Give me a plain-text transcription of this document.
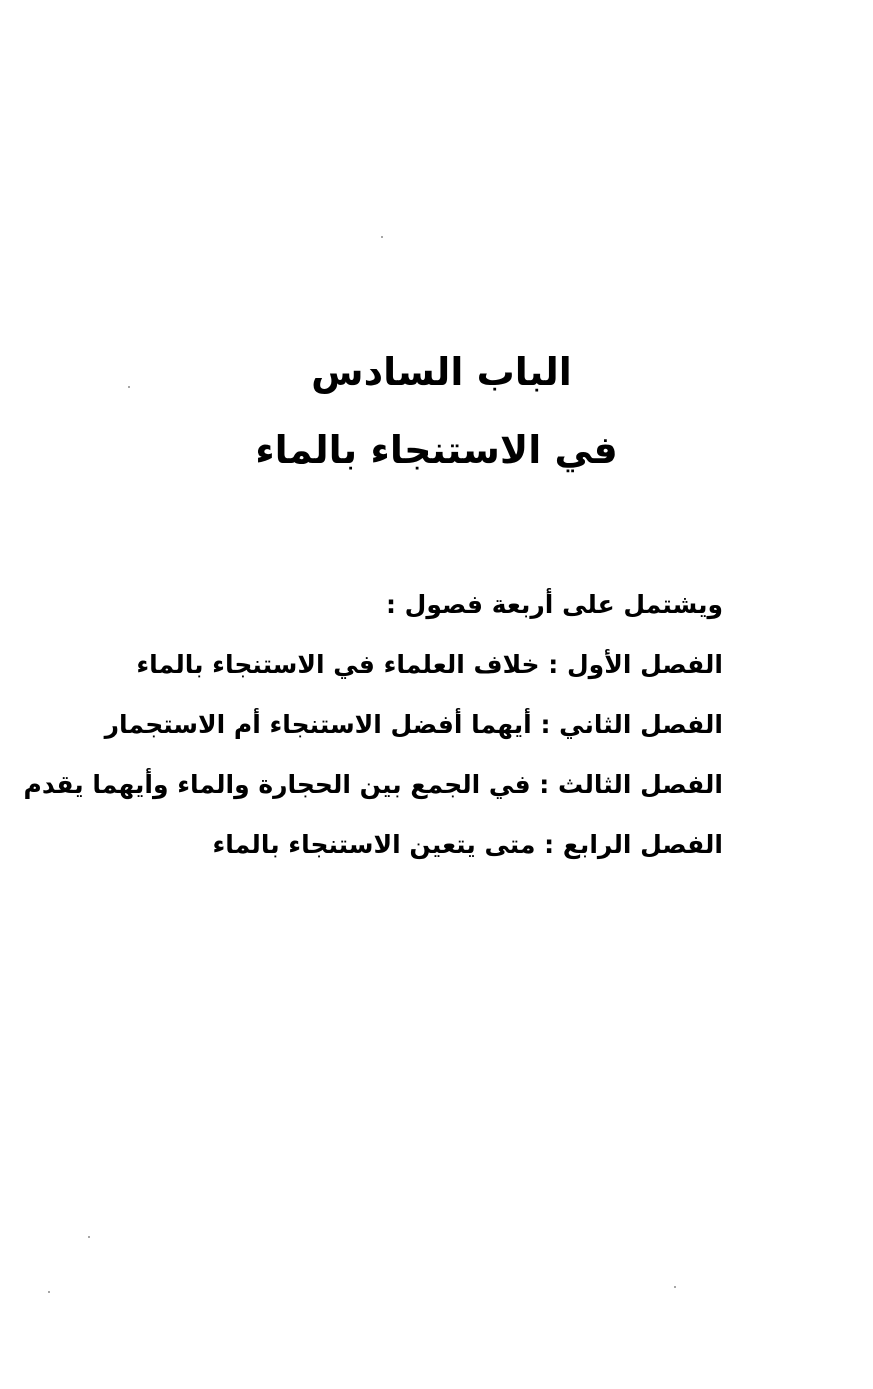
الباب السادس
في الاستنجاء بالماء
ويشتمل على أربعة فصول :
الفصل الأول : خلاف العلماء في الاستنجاء بالماء
الفصل الثاني : أيهما أفضل الاستنجاء أم الاستجمار
الفصل الثالث : في الجمع بين الحجارة والماء وأيهما يقدم
الفصل الرابع : متى يتعين الاستنجاء بالماء
